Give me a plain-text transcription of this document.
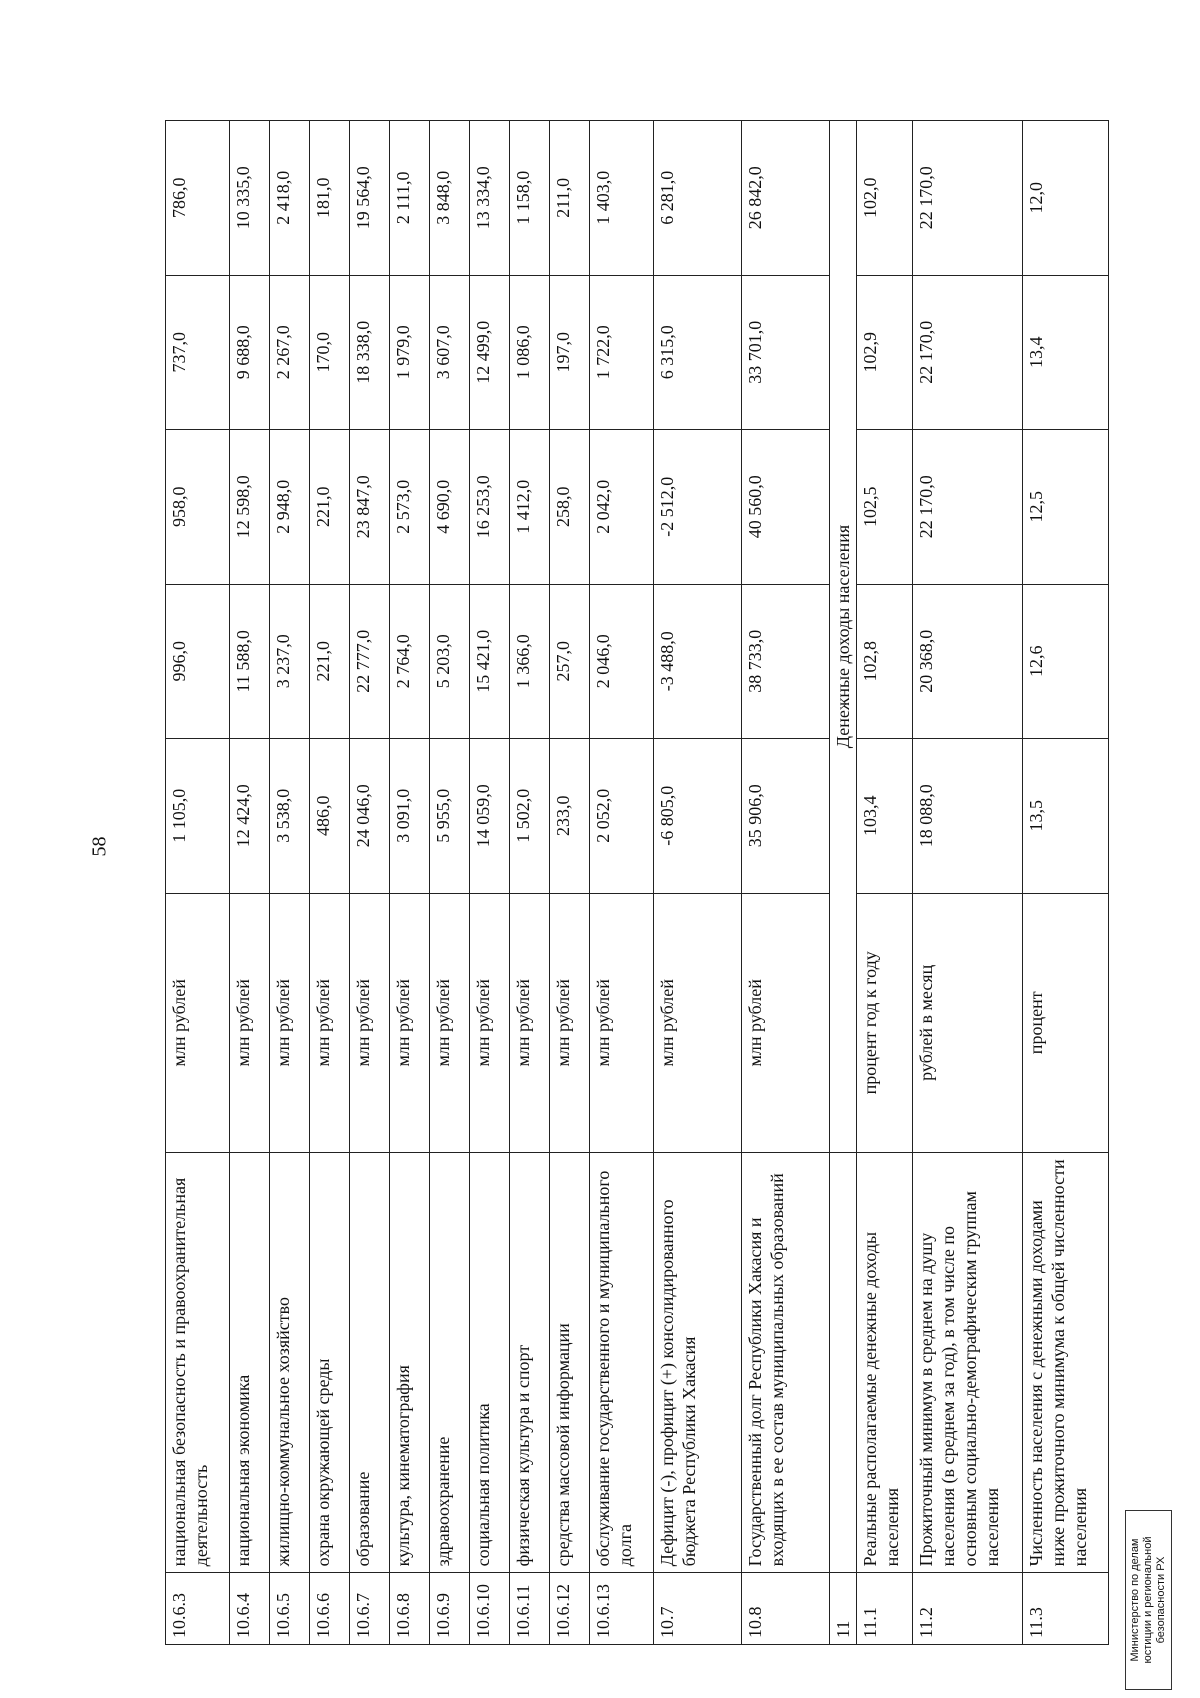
58
10.6.3	национальная безопасность и правоохранительная деятельность	млн рублей	1 105,0	996,0	958,0	737,0	786,0
10.6.4	национальная экономика	млн рублей	12 424,0	11 588,0	12 598,0	9 688,0	10 335,0
10.6.5	жилищно-коммунальное хозяйство	млн рублей	3 538,0	3 237,0	2 948,0	2 267,0	2 418,0
10.6.6	охрана окружающей среды	млн рублей	486,0	221,0	221,0	170,0	181,0
10.6.7	образование	млн рублей	24 046,0	22 777,0	23 847,0	18 338,0	19 564,0
10.6.8	культура, кинематография	млн рублей	3 091,0	2 764,0	2 573,0	1 979,0	2 111,0
10.6.9	здравоохранение	млн рублей	5 955,0	5 203,0	4 690,0	3 607,0	3 848,0
10.6.10	социальная политика	млн рублей	14 059,0	15 421,0	16 253,0	12 499,0	13 334,0
10.6.11	физическая культура и спорт	млн рублей	1 502,0	1 366,0	1 412,0	1 086,0	1 158,0
10.6.12	средства массовой информации	млн рублей	233,0	257,0	258,0	197,0	211,0
10.6.13	обслуживание государственного и муниципального долга	млн рублей	2 052,0	2 046,0	2 042,0	1 722,0	1 403,0
10.7	Дефицит (-), профицит (+) консолидированного бюджета Республики Хакасия	млн рублей	-6 805,0	-3 488,0	-2 512,0	6 315,0	6 281,0
10.8	Государственный долг Республики Хакасия и входящих в ее состав муниципальных образований	млн рублей	35 906,0	38 733,0	40 560,0	33 701,0	26 842,0
11		Денежные доходы населения					
11.1	Реальные располагаемые денежные доходы населения	процент год к году	103,4	102,8	102,5	102,9	102,0
11.2	Прожиточный минимум в среднем на душу населения (в среднем за год), в том числе по основным социально-демографическим группам населения	рублей в месяц	18 088,0	20 368,0	22 170,0	22 170,0	22 170,0
11.3	Численность населения с денежными доходами ниже прожиточного минимума к общей численности населения	процент	13,5	12,6	12,5	13,4	12,0
Министерство по делам юстиции и региональной безопасности РХ
